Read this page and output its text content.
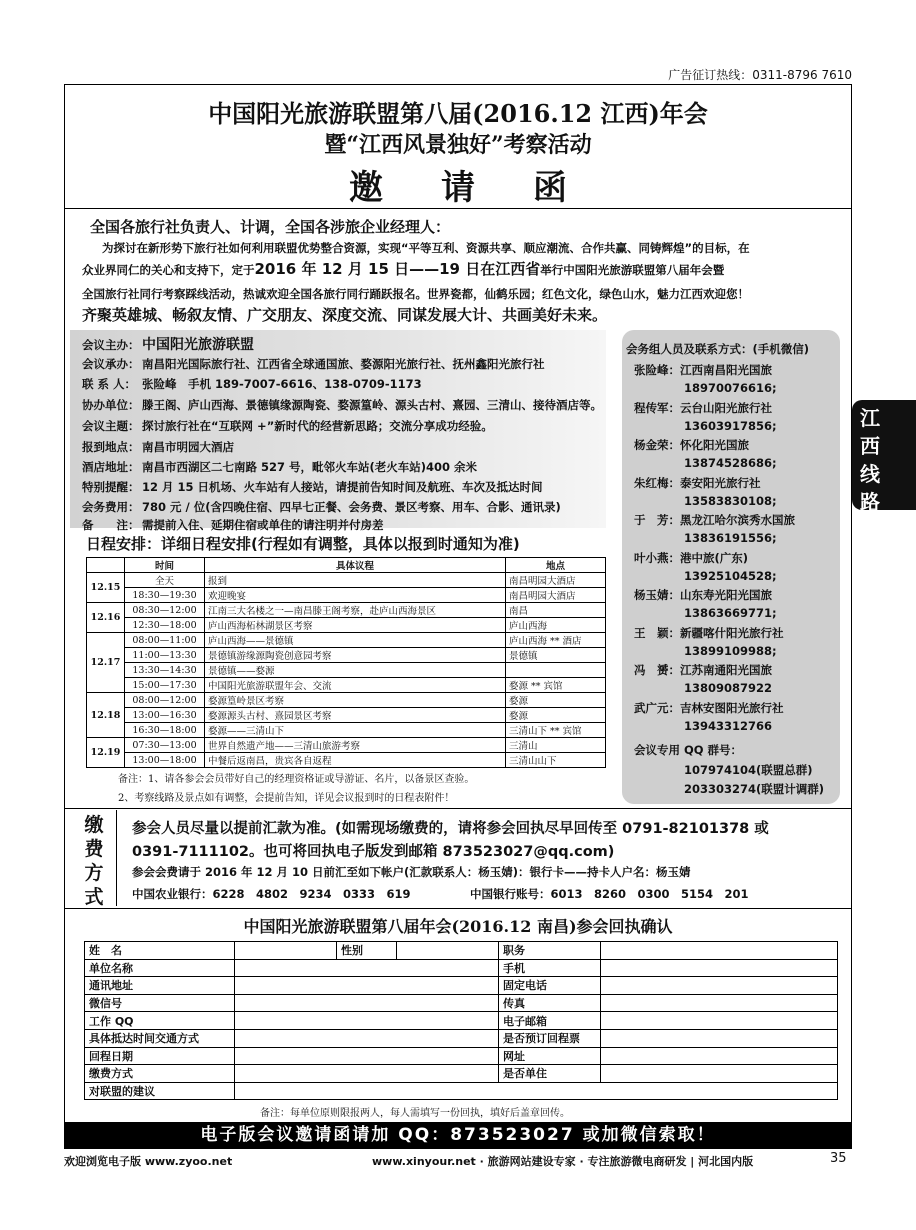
广告征订热线：0311-8796 7610
中国阳光旅游联盟第八届(2016.12 江西)年会
暨“江西风景独好”考察活动
邀请函
全国各旅行社负责人、计调，全国各涉旅企业经理人：
为探讨在新形势下旅行社如何利用联盟优势整合资源，实现“平等互利、资源共享、顺应潮流、合作共赢、同铸辉煌”的目标，在
众业界同仁的关心和支持下，定于2016 年 12 月 15 日——19 日在江西省举行中国阳光旅游联盟第八届年会暨
全国旅行社同行考察踩线活动，热诚欢迎全国各旅行同行踊跃报名。世界瓷都，仙鹤乐园；红色文化，绿色山水，魅力江西欢迎您！
齐聚英雄城、畅叙友情、广交朋友、深度交流、同谋发展大计、共画美好未来。
会议主办： 中国阳光旅游联盟
会议承办： 南昌阳光国际旅行社、江西省全球通国旅、婺源阳光旅行社、抚州鑫阳光旅行社
联 系 人： 张险峰　手机 189-7007-6616、138-0709-1173
协办单位： 滕王阁、庐山西海、景德镇缘源陶瓷、婺源篁岭、源头古村、熹园、三清山、接待酒店等。
会议主题： 探讨旅行社在“互联网 +”新时代的经营新思路；交流分享成功经验。
报到地点： 南昌市明园大酒店
酒店地址： 南昌市西湖区二七南路 527 号，毗邻火车站(老火车站)400 余米
特别提醒： 12 月 15 日机场、火车站有人接站，请提前告知时间及航班、车次及抵达时间
会务费用： 780 元 / 位(含四晚住宿、四早七正餐、会务费、景区考察、用车、合影、通讯录)
备　　注： 需提前入住、延期住宿或单住的请注明并付房差
日程安排：详细日程安排(行程如有调整，具体以报到时通知为准)
	时间	具体议程	地点
12.15	全天	报到	南昌明园大酒店
	18:30—19:30	欢迎晚宴	南昌明园大酒店
12.16	08:30—12:00	江南三大名楼之一—南昌滕王阁考察，赴庐山西海景区	南昌
	12:30—18:00	庐山西海柘林湖景区考察	庐山西海
12.17	08:00—11:00	庐山西海——景德镇	庐山西海 ** 酒店
	11:00—13:30	景德镇游缘源陶瓷创意园考察	景德镇
	13:30—14:30	景德镇——婺源	
	15:00—17:30	中国阳光旅游联盟年会、交流	婺源 ** 宾馆
12.18	08:00—12:00	婺源篁岭景区考察	婺源
	13:00—16:30	婺源源头古村、熹园景区考察	婺源
	16:30—18:00	婺源——三清山下	三清山下 ** 宾馆
12.19	07:30—13:00	世界自然遗产地——三清山旅游考察	三清山
	13:00—18:00	中餐后返南昌，贵宾各自返程	三清山山下
备注：1、请各参会会员带好自己的经理资格证或导游证、名片，以备景区查验。
2、考察线路及景点如有调整，会提前告知，详见会议报到时的日程表附件！
会务组人员及联系方式：(手机微信)
张险峰：江西南昌阳光国旅
18970076616;
程传军：云台山阳光旅行社
13603917856;
杨金荣：怀化阳光国旅
13874528686;
朱红梅：泰安阳光旅行社
13583830108;
于　芳：黑龙江哈尔滨秀水国旅
13836191556;
叶小燕：港中旅(广东)
13925104528;
杨玉婧：山东寿光阳光国旅
13863669771;
王　颖：新疆喀什阳光旅行社
13899109988;
冯　赟：江苏南通阳光国旅
13809087922
武广元：吉林安图阳光旅行社
13943312766
会议专用 QQ 群号：
107974104(联盟总群)
203303274(联盟计调群)
江西线路
缴费方式
参会人员尽量以提前汇款为准。(如需现场缴费的，请将参会回执尽早回传至 0791-82101378 或
0391-7111102。也可将回执电子版发到邮箱 873523027@qq.com)
参会会费请于 2016 年 12 月 10 日前汇至如下帐户(汇款联系人：杨玉婧)：银行卡——持卡人户名：杨玉婧
中国农业银行：6228　4802　9234　0333　619	中国银行账号：6013　8260　0300　5154　201
中国阳光旅游联盟第八届年会(2016.12 南昌)参会回执确认
姓　名		性别		职务	
单位名称				手机	
通讯地址				固定电话	
微信号				传真	
工作 QQ				电子邮箱	
具体抵达时间交通方式				是否预订回程票	
回程日期				网址	
缴费方式				是否单住	
对联盟的建议					
备注：每单位原则限报两人，每人需填写一份回执，填好后盖章回传。
电子版会议邀请函请加 QQ：873523027 或加微信索取！
欢迎浏览电子版 www.zyoo.net	www.xinyour.net · 旅游网站建设专家 · 专注旅游微电商研发 | 河北国内版	35
